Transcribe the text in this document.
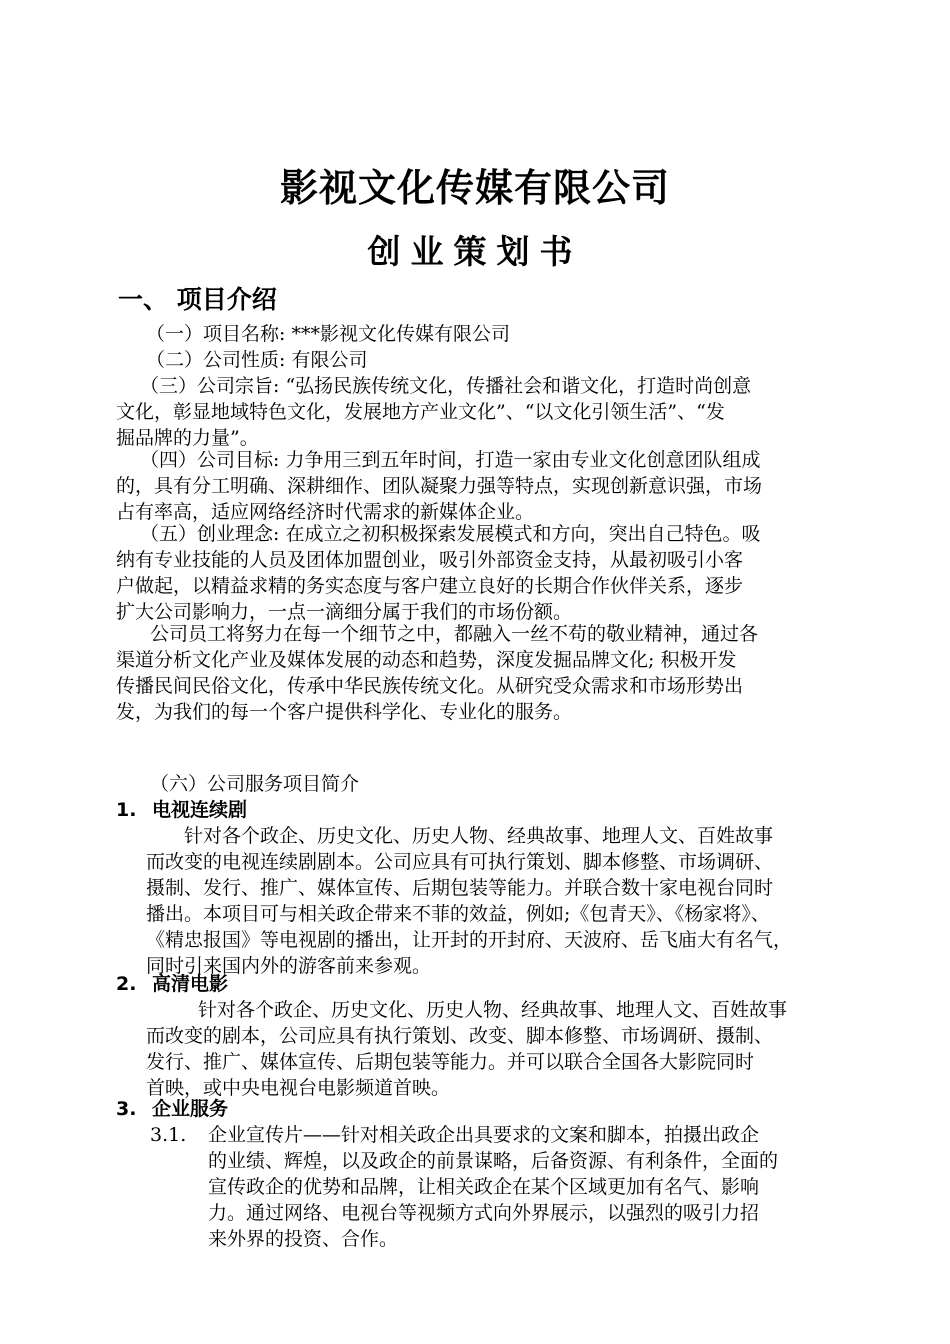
影视文化传媒有限公司
创业策划书
一、 项目介绍
（一）项目名称: ***影视文化传媒有限公司
（二）公司性质: 有限公司
（三）公司宗旨: “弘扬民族传统文化，传播社会和谐文化，打造时尚创意
文化，彰显地域特色文化，发展地方产业文化”、“以文化引领生活”、“发
掘品牌的力量”。
（四）公司目标: 力争用三到五年时间，打造一家由专业文化创意团队组成
的，具有分工明确、深耕细作、团队凝聚力强等特点，实现创新意识强，市场
占有率高，适应网络经济时代需求的新媒体企业。
（五）创业理念: 在成立之初积极探索发展模式和方向，突出自己特色。吸
纳有专业技能的人员及团体加盟创业，吸引外部资金支持，从最初吸引小客
户做起，以精益求精的务实态度与客户建立良好的长期合作伙伴关系，逐步
扩大公司影响力，一点一滴细分属于我们的市场份额。
公司员工将努力在每一个细节之中，都融入一丝不苟的敬业精神，通过各
渠道分析文化产业及媒体发展的动态和趋势，深度发掘品牌文化; 积极开发
传播民间民俗文化，传承中华民族传统文化。从研究受众需求和市场形势出
发，为我们的每一个客户提供科学化、专业化的服务。
（六）公司服务项目简介
1. 电视连续剧
针对各个政企、历史文化、历史人物、经典故事、地理人文、百姓故事
而改变的电视连续剧剧本。公司应具有可执行策划、脚本修整、市场调研、
摄制、发行、推广、媒体宣传、后期包装等能力。并联合数十家电视台同时
播出。本项目可与相关政企带来不菲的效益，例如;《包青天》、《杨家将》、
《精忠报国》等电视剧的播出，让开封的开封府、天波府、岳飞庙大有名气，
同时引来国内外的游客前来参观。
2. 高清电影
针对各个政企、历史文化、历史人物、经典故事、地理人文、百姓故事
而改变的剧本，公司应具有执行策划、改变、脚本修整、市场调研、摄制、
发行、推广、媒体宣传、后期包装等能力。并可以联合全国各大影院同时
首映，或中央电视台电影频道首映。
3. 企业服务
3.1. 企业宣传片——针对相关政企出具要求的文案和脚本，拍摄出政企
的业绩、辉煌，以及政企的前景谋略，后备资源、有利条件，全面的
宣传政企的优势和品牌，让相关政企在某个区域更加有名气、影响
力。通过网络、电视台等视频方式向外界展示，以强烈的吸引力招
来外界的投资、合作。
